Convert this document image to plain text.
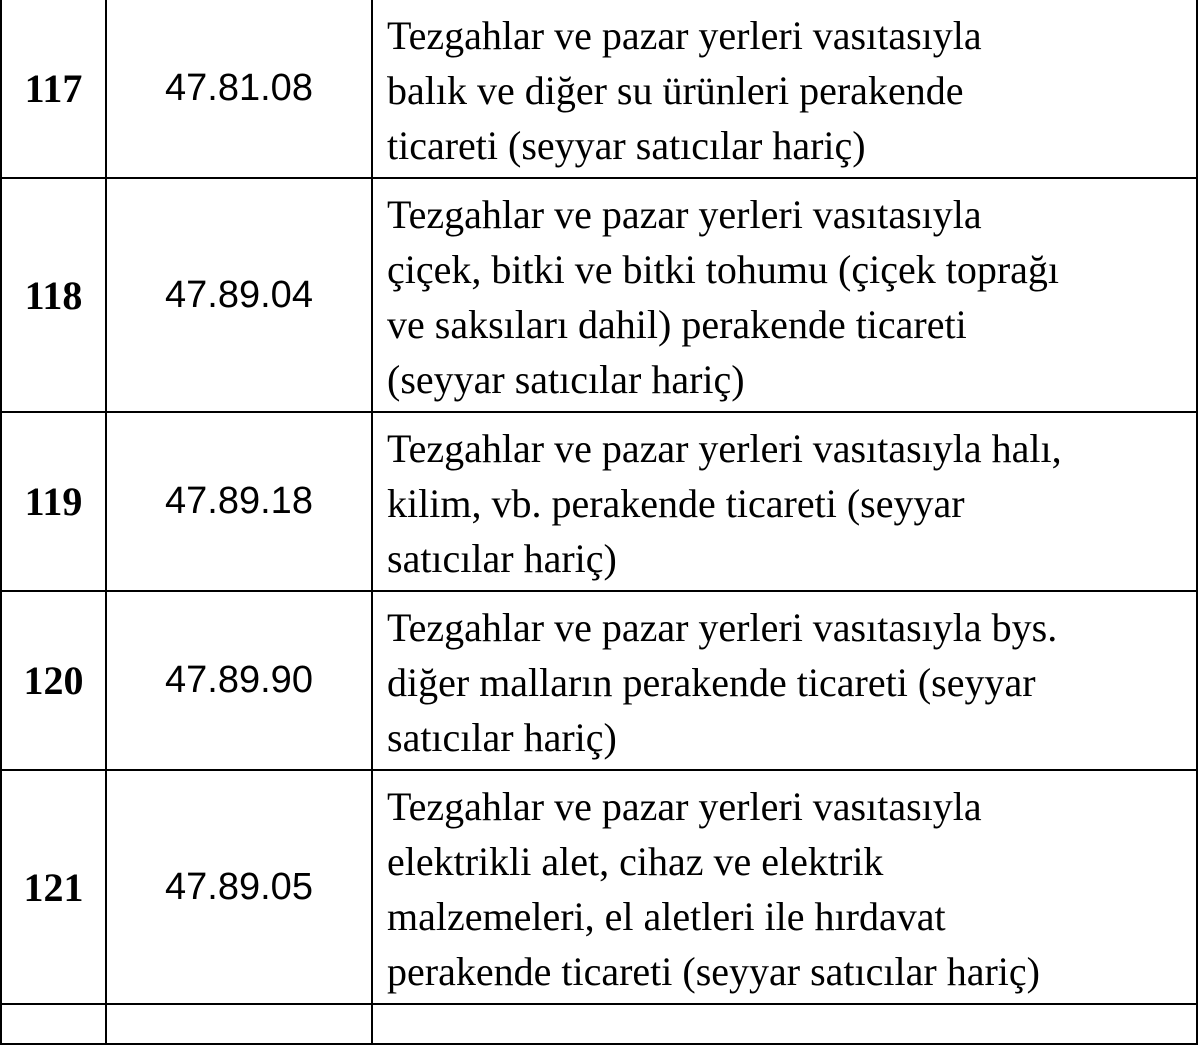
117	47.81.08	Tezgahlar ve pazar yerleri vasıtasıyla
balık ve diğer su ürünleri perakende
ticareti (seyyar satıcılar hariç)

118	47.89.04	Tezgahlar ve pazar yerleri vasıtasıyla
çiçek, bitki ve bitki tohumu (çiçek toprağı
ve saksıları dahil) perakende ticareti
(seyyar satıcılar hariç)

119	47.89.18	Tezgahlar ve pazar yerleri vasıtasıyla halı,
kilim, vb. perakende ticareti (seyyar
satıcılar hariç)

120	47.89.90	Tezgahlar ve pazar yerleri vasıtasıyla bys.
diğer malların perakende ticareti (seyyar
satıcılar hariç)

121	47.89.05	Tezgahlar ve pazar yerleri vasıtasıyla
elektrikli alet, cihaz ve elektrik
malzemeleri, el aletleri ile hırdavat
perakende ticareti (seyyar satıcılar hariç)
